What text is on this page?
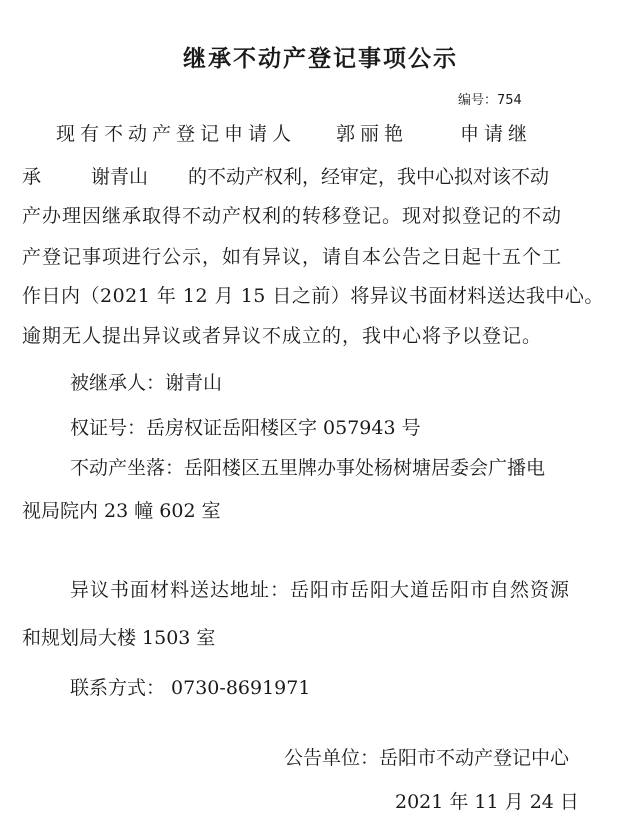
继承不动产登记事项公示
编号：754
现有不动产登记申请人 郭丽艳	申请继
承	谢青山 的不动产权利，经审定，我中心拟对该不动
产办理因继承取得不动产权利的转移登记。现对拟登记的不动
产登记事项进行公示，如有异议，请自本公告之日起十五个工
作日内（2021 年 12 月 15 日之前）将异议书面材料送达我中心。
逾期无人提出异议或者异议不成立的，我中心将予以登记。
被继承人：谢青山
权证号：岳房权证岳阳楼区字 057943 号
不动产坐落：岳阳楼区五里牌办事处杨树塘居委会广播电
视局院内 23 幢 602 室
异议书面材料送达地址：岳阳市岳阳大道岳阳市自然资源
和规划局大楼 1503 室
联系方式： 0730-8691971
公告单位：岳阳市不动产登记中心
2021 年 11 月 24 日
